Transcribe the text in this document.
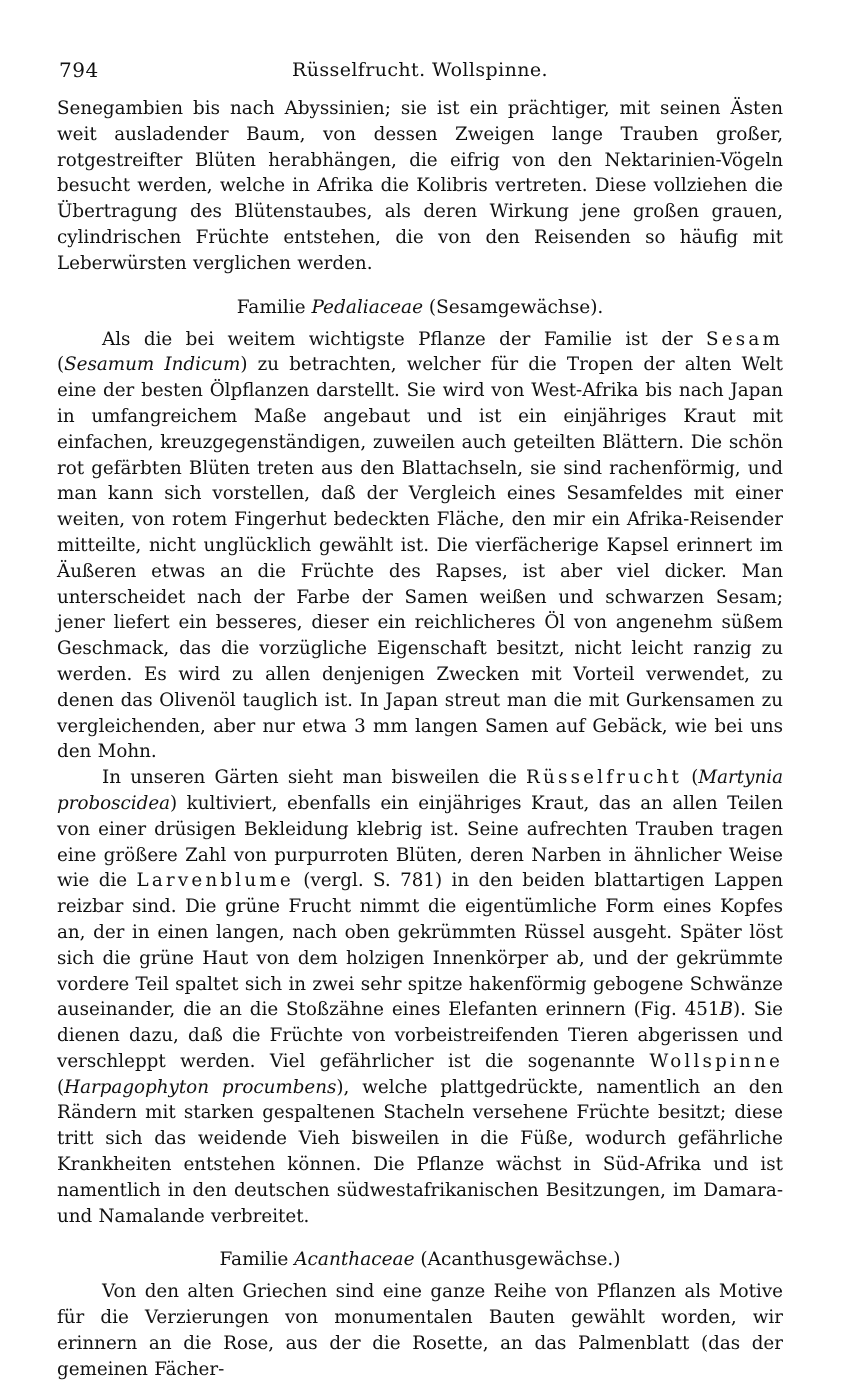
794	Rüsselfrucht. Wollspinne.

Senegambien bis nach Abyssinien; sie ist ein prächtiger, mit seinen Ästen weit ausladender Baum, von dessen Zweigen lange Trauben großer, rotgestreifter Blüten herabhängen, die eifrig von den Nektarinien-Vögeln besucht werden, welche in Afrika die Kolibris vertreten. Diese vollziehen die Übertragung des Blütenstaubes, als deren Wirkung jene großen grauen, cylindrischen Früchte entstehen, die von den Reisenden so häufig mit Leberwürsten verglichen werden.

Familie Pedaliaceae (Sesamgewächse).

Als die bei weitem wichtigste Pflanze der Familie ist der Sesam (Sesamum Indicum) zu betrachten, welcher für die Tropen der alten Welt eine der besten Ölpflanzen darstellt. Sie wird von West-Afrika bis nach Japan in umfangreichem Maße angebaut und ist ein einjähriges Kraut mit einfachen, kreuzgegenständigen, zuweilen auch geteilten Blättern. Die schön rot gefärbten Blüten treten aus den Blattachseln, sie sind rachenförmig, und man kann sich vorstellen, daß der Vergleich eines Sesamfeldes mit einer weiten, von rotem Fingerhut bedeckten Fläche, den mir ein Afrika-Reisender mitteilte, nicht unglücklich gewählt ist. Die vierfächerige Kapsel erinnert im Äußeren etwas an die Früchte des Rapses, ist aber viel dicker. Man unterscheidet nach der Farbe der Samen weißen und schwarzen Sesam; jener liefert ein besseres, dieser ein reichlicheres Öl von angenehm süßem Geschmack, das die vorzügliche Eigenschaft besitzt, nicht leicht ranzig zu werden. Es wird zu allen denjenigen Zwecken mit Vorteil verwendet, zu denen das Olivenöl tauglich ist. In Japan streut man die mit Gurkensamen zu vergleichenden, aber nur etwa 3 mm langen Samen auf Gebäck, wie bei uns den Mohn.

In unseren Gärten sieht man bisweilen die Rüsselfrucht (Martynia proboscidea) kultiviert, ebenfalls ein einjähriges Kraut, das an allen Teilen von einer drüsigen Bekleidung klebrig ist. Seine aufrechten Trauben tragen eine größere Zahl von purpurroten Blüten, deren Narben in ähnlicher Weise wie die Larvenblume (vergl. S. 781) in den beiden blattartigen Lappen reizbar sind. Die grüne Frucht nimmt die eigentümliche Form eines Kopfes an, der in einen langen, nach oben gekrümmten Rüssel ausgeht. Später löst sich die grüne Haut von dem holzigen Innenkörper ab, und der gekrümmte vordere Teil spaltet sich in zwei sehr spitze hakenförmig gebogene Schwänze auseinander, die an die Stoßzähne eines Elefanten erinnern (Fig. 451B). Sie dienen dazu, daß die Früchte von vorbeistreifenden Tieren abgerissen und verschleppt werden. Viel gefährlicher ist die sogenannte Wollspinne (Harpagophyton procumbens), welche plattgedrückte, namentlich an den Rändern mit starken gespaltenen Stacheln versehene Früchte besitzt; diese tritt sich das weidende Vieh bisweilen in die Füße, wodurch gefährliche Krankheiten entstehen können. Die Pflanze wächst in Süd-Afrika und ist namentlich in den deutschen südwestafrikanischen Besitzungen, im Damara- und Namalande verbreitet.

Familie Acanthaceae (Acanthusgewächse.)

Von den alten Griechen sind eine ganze Reihe von Pflanzen als Motive für die Verzierungen von monumentalen Bauten gewählt worden, wir erinnern an die Rose, aus der die Rosette, an das Palmenblatt (das der gemeinen Fächer-
